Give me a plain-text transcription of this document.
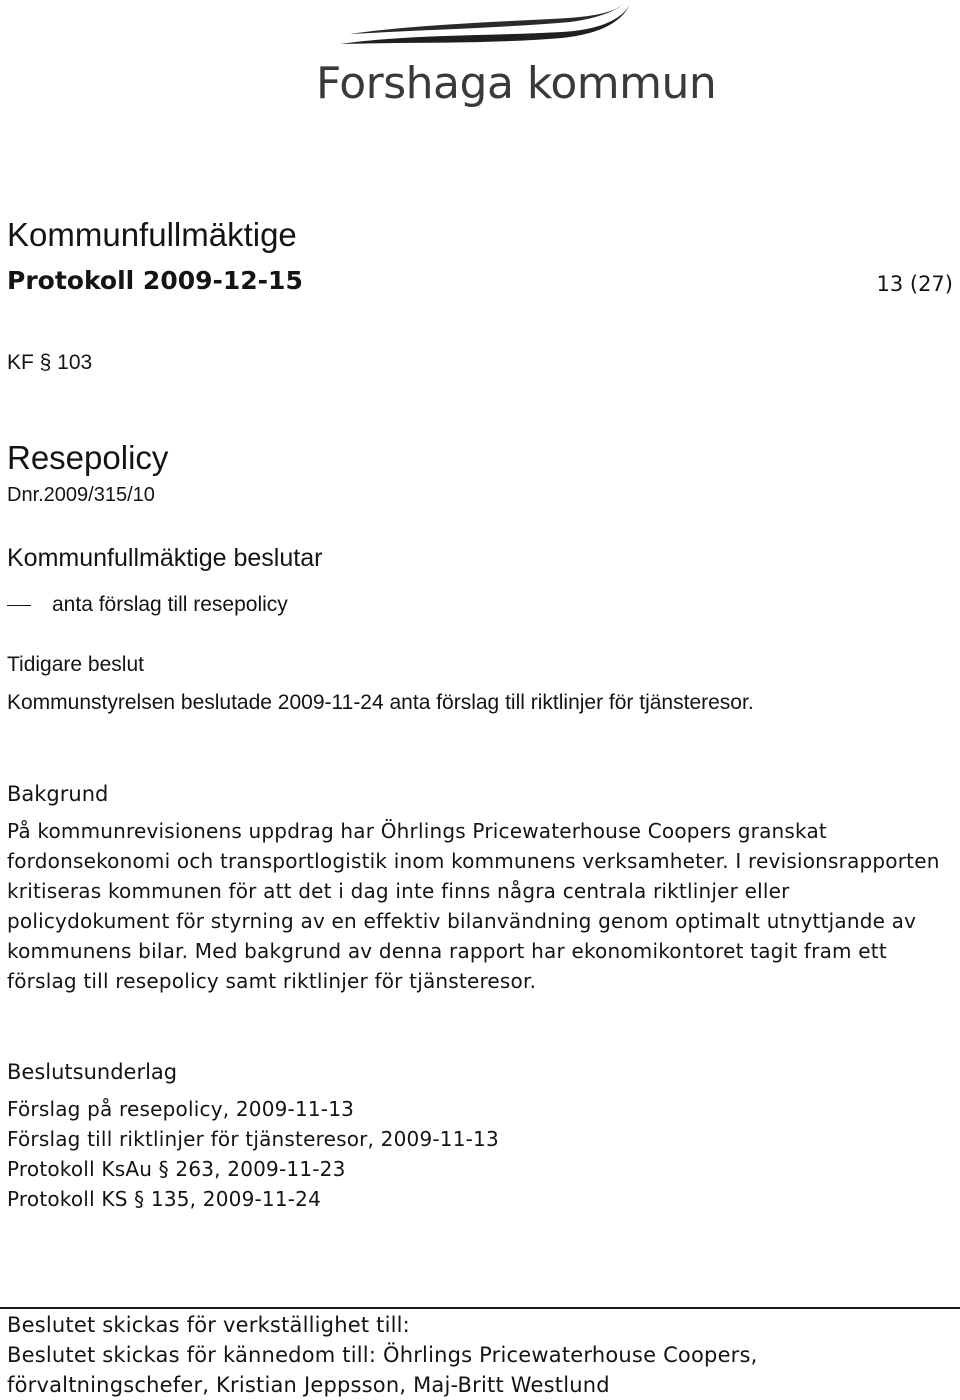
Forshaga kommun
Kommunfullmäktige
Protokoll 2009-12-15	13 (27)
KF § 103
Resepolicy
Dnr.2009/315/10
Kommunfullmäktige beslutar
anta förslag till resepolicy
Tidigare beslut
Kommunstyrelsen beslutade 2009-11-24 anta förslag till riktlinjer för tjänsteresor.
Bakgrund
På kommunrevisionens uppdrag har Öhrlings Pricewaterhouse Coopers granskat fordonsekonomi och transportlogistik inom kommunens verksamheter. I revisionsrapporten kritiseras kommunen för att det i dag inte finns några centrala riktlinjer eller policydokument för styrning av en effektiv bilanvändning genom optimalt utnyttjande av kommunens bilar. Med bakgrund av denna rapport har ekonomikontoret tagit fram ett förslag till resepolicy samt riktlinjer för tjänsteresor.
Beslutsunderlag
Förslag på resepolicy, 2009-11-13
Förslag till riktlinjer för tjänsteresor, 2009-11-13
Protokoll KsAu § 263, 2009-11-23
Protokoll KS § 135, 2009-11-24
Beslutet skickas för verkställighet till:
Beslutet skickas för kännedom till: Öhrlings Pricewaterhouse Coopers,
förvaltningschefer, Kristian Jeppsson, Maj-Britt Westlund
